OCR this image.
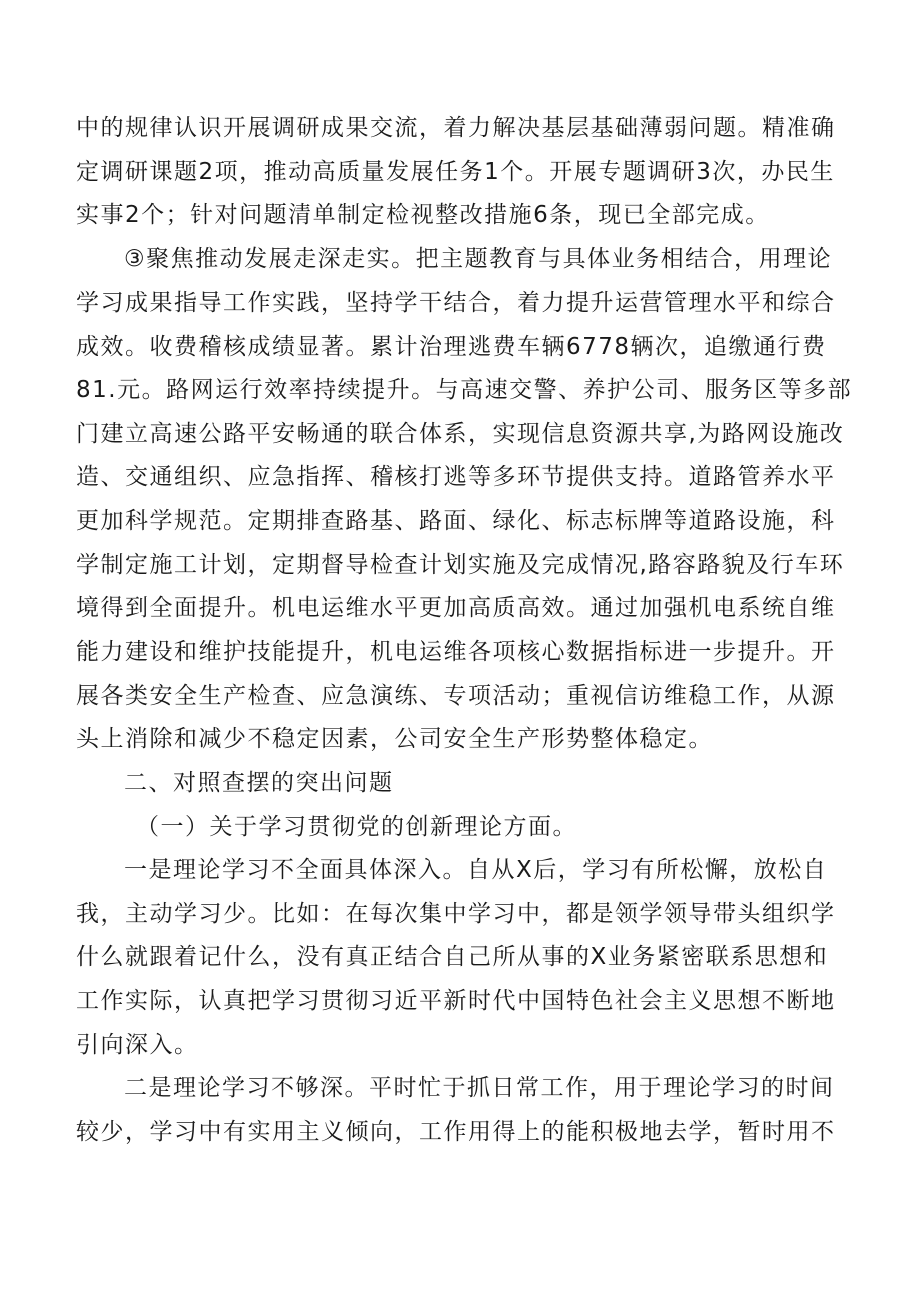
中的规律认识开展调研成果交流，着力解决基层基础薄弱问题。精准确
定调研课题2项，推动高质量发展任务1个。开展专题调研3次，办民生
实事2个；针对问题清单制定检视整改措施6条，现已全部完成。
③聚焦推动发展走深走实。把主题教育与具体业务相结合，用理论
学习成果指导工作实践，坚持学干结合，着力提升运营管理水平和综合
成效。收费稽核成绩显著。累计治理逃费车辆6778辆次，追缴通行费
81.元。路网运行效率持续提升。与高速交警、养护公司、服务区等多部
门建立高速公路平安畅通的联合体系，实现信息资源共享,为路网设施改
造、交通组织、应急指挥、稽核打逃等多环节提供支持。道路管养水平
更加科学规范。定期排查路基、路面、绿化、标志标牌等道路设施，科
学制定施工计划，定期督导检查计划实施及完成情况,路容路貌及行车环
境得到全面提升。机电运维水平更加高质高效。通过加强机电系统自维
能力建设和维护技能提升，机电运维各项核心数据指标进一步提升。开
展各类安全生产检查、应急演练、专项活动；重视信访维稳工作，从源
头上消除和减少不稳定因素，公司安全生产形势整体稳定。
二、对照查摆的突出问题
（一）关于学习贯彻党的创新理论方面。
一是理论学习不全面具体深入。自从X后，学习有所松懈，放松自
我，主动学习少。比如：在每次集中学习中，都是领学领导带头组织学
什么就跟着记什么，没有真正结合自己所从事的X业务紧密联系思想和
工作实际，认真把学习贯彻习近平新时代中国特色社会主义思想不断地
引向深入。
二是理论学习不够深。平时忙于抓日常工作，用于理论学习的时间
较少，学习中有实用主义倾向，工作用得上的能积极地去学，暂时用不
